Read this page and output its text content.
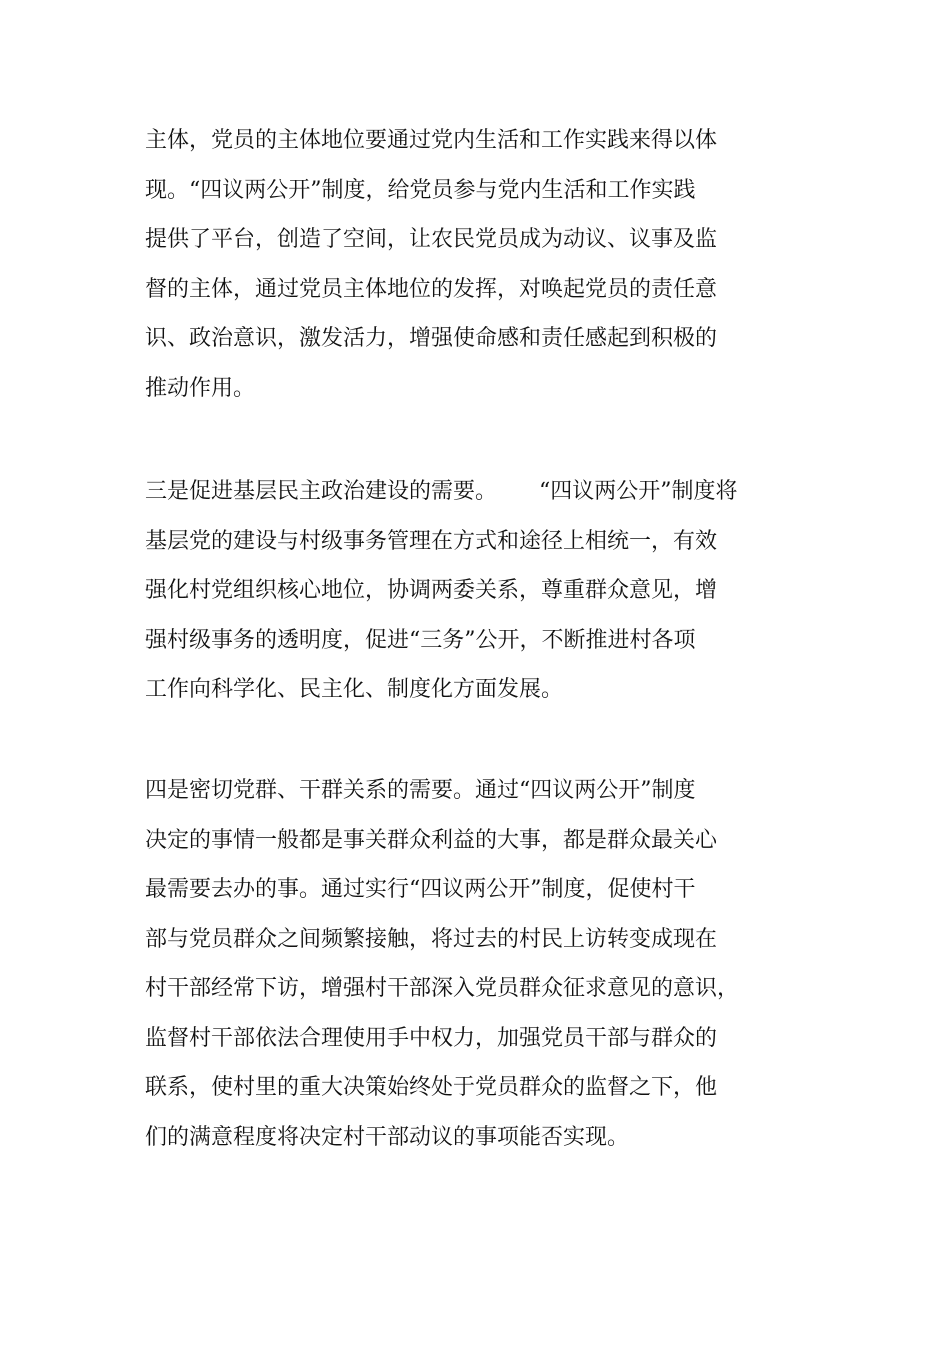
主体，党员的主体地位要通过党内生活和工作实践来得以体
现。“四议两公开”制度，给党员参与党内生活和工作实践
提供了平台，创造了空间，让农民党员成为动议、议事及监
督的主体，通过党员主体地位的发挥，对唤起党员的责任意
识、政治意识，激发活力，增强使命感和责任感起到积极的
推动作用。
三是促进基层民主政治建设的需要。      “四议两公开”制度将
基层党的建设与村级事务管理在方式和途径上相统一，有效
强化村党组织核心地位，协调两委关系，尊重群众意见，增
强村级事务的透明度，促进“三务”公开，不断推进村各项
工作向科学化、民主化、制度化方面发展。
四是密切党群、干群关系的需要。通过“四议两公开”制度
决定的事情一般都是事关群众利益的大事，都是群众最关心
最需要去办的事。通过实行“四议两公开”制度，促使村干
部与党员群众之间频繁接触，将过去的村民上访转变成现在
村干部经常下访，增强村干部深入党员群众征求意见的意识，
监督村干部依法合理使用手中权力，加强党员干部与群众的
联系，使村里的重大决策始终处于党员群众的监督之下，他
们的满意程度将决定村干部动议的事项能否实现。
